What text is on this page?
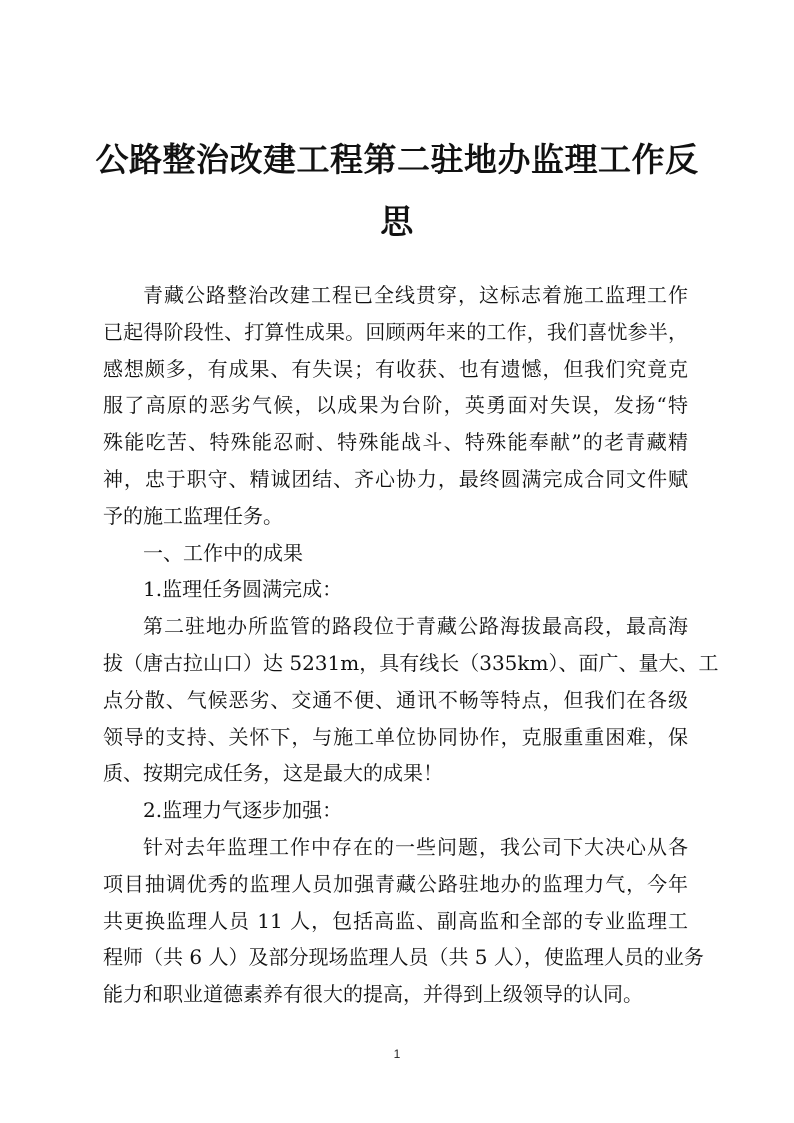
公路整治改建工程第二驻地办监理工作反
思
青藏公路整治改建工程已全线贯穿，这标志着施工监理工作
已起得阶段性、打算性成果。回顾两年来的工作，我们喜忧参半，
感想颇多，有成果、有失误；有收获、也有遗憾，但我们究竟克
服了高原的恶劣气候，以成果为台阶，英勇面对失误，发扬“特
殊能吃苦、特殊能忍耐、特殊能战斗、特殊能奉献”的老青藏精
神，忠于职守、精诚团结、齐心协力，最终圆满完成合同文件赋
予的施工监理任务。
一、工作中的成果
1.监理任务圆满完成：
第二驻地办所监管的路段位于青藏公路海拔最高段，最高海
拔（唐古拉山口）达 5231m，具有线长（335km）、面广、量大、工
点分散、气候恶劣、交通不便、通讯不畅等特点，但我们在各级
领导的支持、关怀下，与施工单位协同协作，克服重重困难，保
质、按期完成任务，这是最大的成果！
2.监理力气逐步加强：
针对去年监理工作中存在的一些问题，我公司下大决心从各
项目抽调优秀的监理人员加强青藏公路驻地办的监理力气，今年
共更换监理人员 11 人，包括高监、副高监和全部的专业监理工
程师（共 6 人）及部分现场监理人员（共 5 人），使监理人员的业务
能力和职业道德素养有很大的提高，并得到上级领导的认同。
1
